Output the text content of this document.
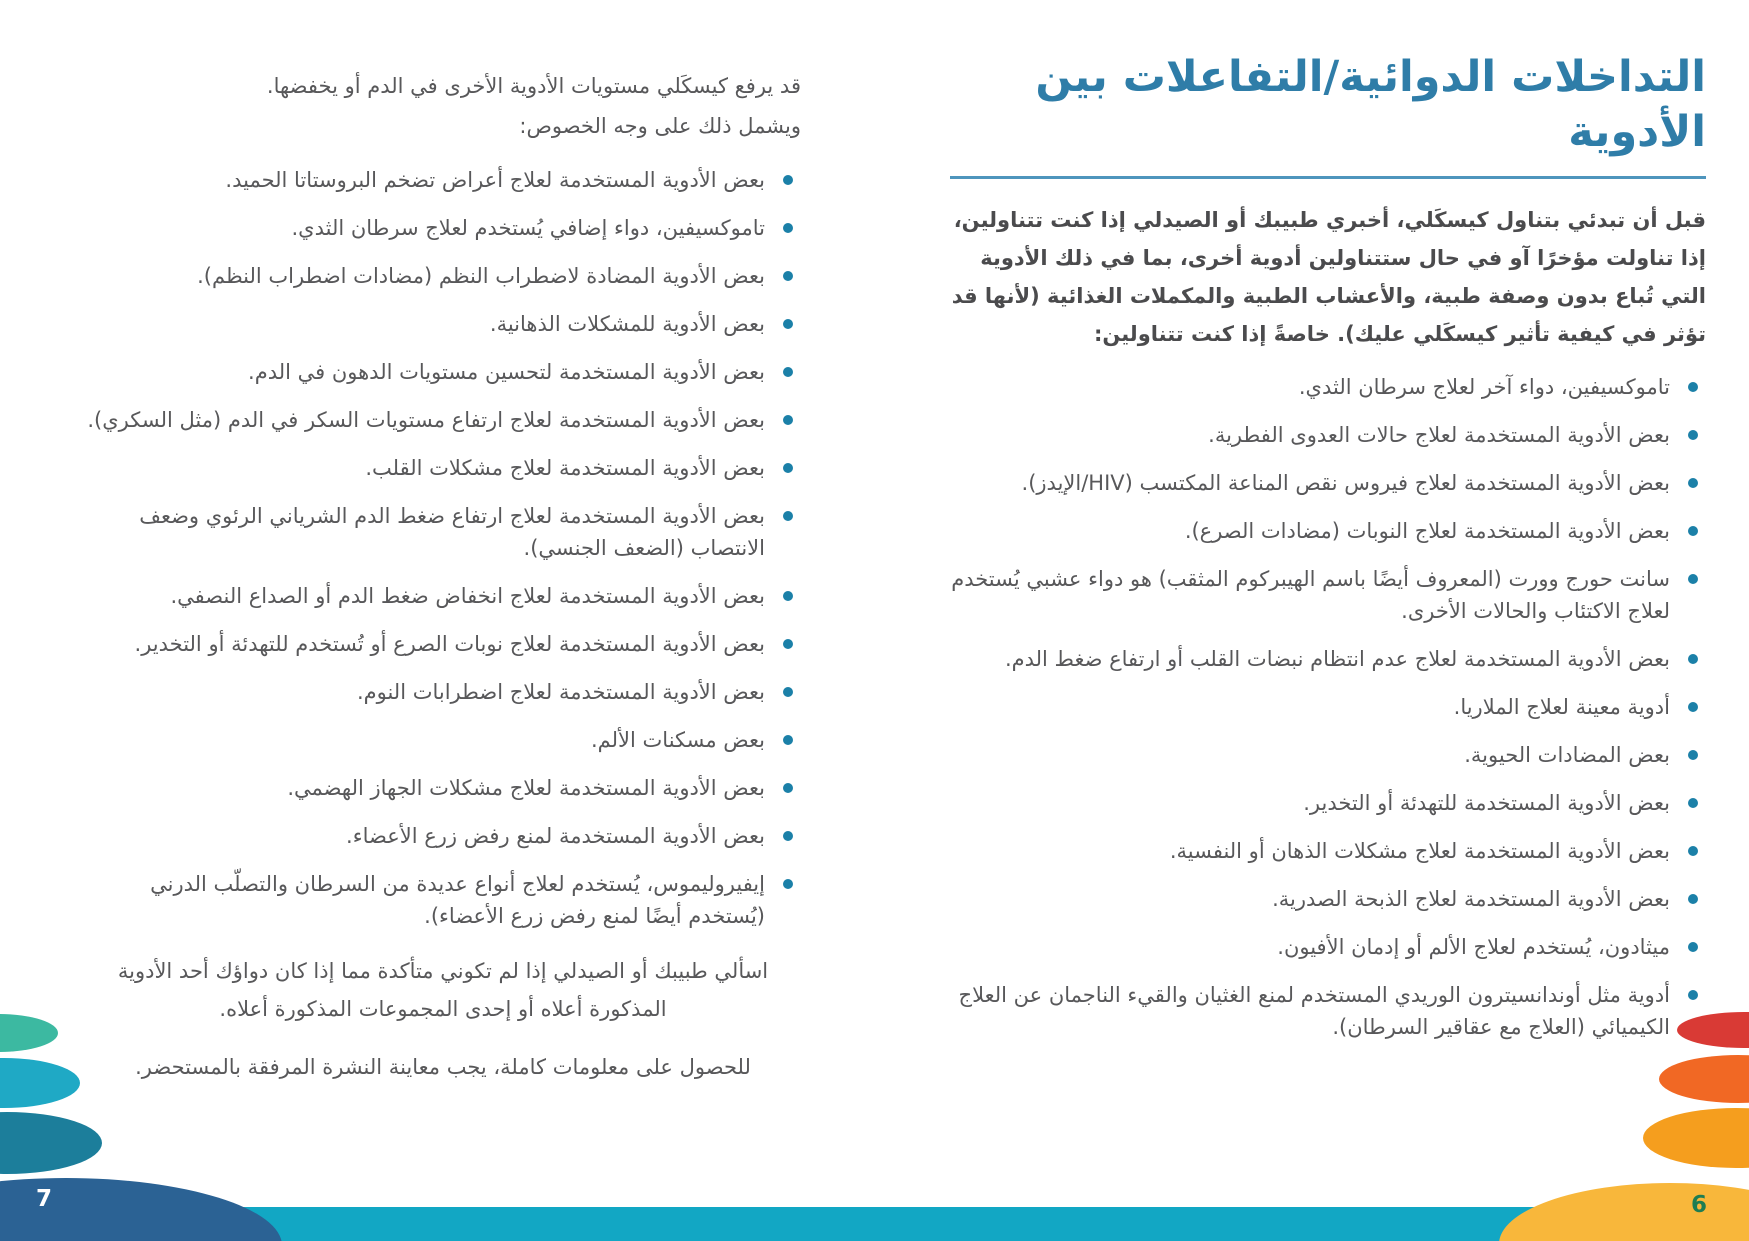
التداخلات الدوائية/التفاعلات بين الأدوية
قبل أن تبدئي بتناول كيسكَلي، أخبري طبيبك أو الصيدلي إذا كنت تتناولين، إذا تناولت مؤخرًا آو في حال ستتناولين أدوية أخرى، بما في ذلك الأدوية التي تُباع بدون وصفة طبية، والأعشاب الطبية والمكملات الغذائية (لأنها قد تؤثر في كيفية تأثير كيسكَلي عليك). خاصةً إذا كنت تتناولين:
تاموكسيفين، دواء آخر لعلاج سرطان الثدي.
بعض الأدوية المستخدمة لعلاج حالات العدوى الفطرية.
بعض الأدوية المستخدمة لعلاج فيروس نقص المناعة المكتسب (HIV/الإيدز).
بعض الأدوية المستخدمة لعلاج النوبات (مضادات الصرع).
سانت حورج وورت (المعروف أيضًا باسم الهيبركوم المثقب) هو دواء عشبي يُستخدم لعلاج الاكتئاب والحالات الأخرى.
بعض الأدوية المستخدمة لعلاج عدم انتظام نبضات القلب أو ارتفاع ضغط الدم.
أدوية معينة لعلاج الملاريا.
بعض المضادات الحيوية.
بعض الأدوية المستخدمة للتهدئة أو التخدير.
بعض الأدوية المستخدمة لعلاج مشكلات الذهان أو النفسية.
بعض الأدوية المستخدمة لعلاج الذبحة الصدرية.
ميثادون، يُستخدم لعلاج الألم أو إدمان الأفيون.
أدوية مثل أوندانسيترون الوريدي المستخدم لمنع الغثيان والقيء الناجمان عن العلاج الكيميائي (العلاج مع عقاقير السرطان).
قد يرفع كيسكَلي مستويات الأدوية الأخرى في الدم أو يخفضها.
ويشمل ذلك على وجه الخصوص:
بعض الأدوية المستخدمة لعلاج أعراض تضخم البروستاتا الحميد.
تاموكسيفين، دواء إضافي يُستخدم لعلاج سرطان الثدي.
بعض الأدوية المضادة لاضطراب النظم (مضادات اضطراب النظم).
بعض الأدوية للمشكلات الذهانية.
بعض الأدوية المستخدمة لتحسين مستويات الدهون في الدم.
بعض الأدوية المستخدمة لعلاج ارتفاع مستويات السكر في الدم (مثل السكري).
بعض الأدوية المستخدمة لعلاج مشكلات القلب.
بعض الأدوية المستخدمة لعلاج ارتفاع ضغط الدم الشرياني الرئوي وضعف الانتصاب (الضعف الجنسي).
بعض الأدوية المستخدمة لعلاج انخفاض ضغط الدم أو الصداع النصفي.
بعض الأدوية المستخدمة لعلاج نوبات الصرع أو تُستخدم للتهدئة أو التخدير.
بعض الأدوية المستخدمة لعلاج اضطرابات النوم.
بعض مسكنات الألم.
بعض الأدوية المستخدمة لعلاج مشكلات الجهاز الهضمي.
بعض الأدوية المستخدمة لمنع رفض زرع الأعضاء.
إيفيروليموس، يُستخدم لعلاج أنواع عديدة من السرطان والتصلّب الدرني (يُستخدم أيضًا لمنع رفض زرع الأعضاء).
اسألي طبيبك أو الصيدلي إذا لم تكوني متأكدة مما إذا كان دواؤك أحد الأدوية المذكورة أعلاه أو إحدى المجموعات المذكورة أعلاه.
للحصول على معلومات كاملة، يجب معاينة النشرة المرفقة بالمستحضر.
7	6
